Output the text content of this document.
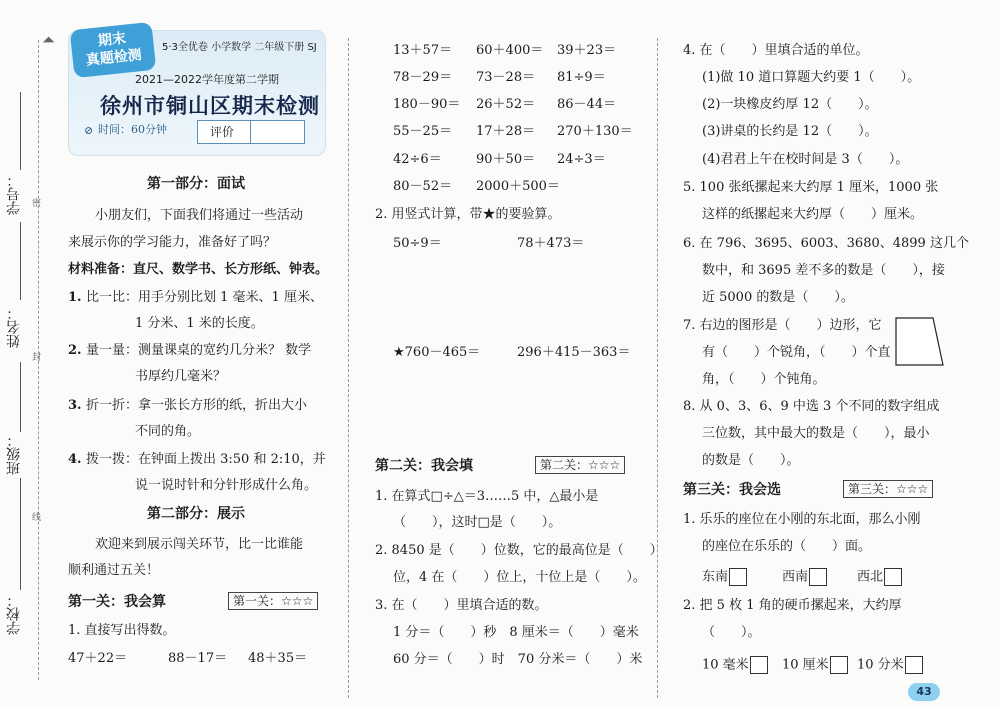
⏶
学号：	密
姓名：
封
班级：
线
学校：
期末
真题检测	5·3全优卷 小学数学 二年级下册 SJ
2021—2022学年度第二学期
徐州市铜山区期末检测
⊘ 时间：60分钟	评价
第一部分：面试
小朋友们，下面我们将通过一些活动
来展示你的学习能力，准备好了吗？
材料准备：直尺、数学书、长方形纸、钟表。
1. 比一比：用手分别比划 1 毫米、1 厘米、
1 分米、1 米的长度。
2. 量一量：测量课桌的宽约几分米？ 数学
书厚约几毫米？
3. 折一折：拿一张长方形的纸，折出大小
不同的角。
4. 拨一拨：在钟面上拨出 3:50 和 2:10，并
说一说时针和分针形成什么角。
第二部分：展示
欢迎来到展示闯关环节，比一比谁能
顺利通过五关！
第一关：我会算	第一关：☆☆☆
1. 直接写出得数。
47＋22＝	88－17＝ 48＋35＝
13＋57＝ 60＋400＝ 39＋23＝
78－29＝ 73－28＝ 81÷9＝
180－90＝ 26＋52＝ 86－44＝
55－25＝ 17＋28＝ 270＋130＝
42÷6＝	90＋50＝ 24÷3＝
80－52＝ 2000＋500＝
2. 用竖式计算，带★的要验算。
50÷9＝	78＋473＝
★760－465＝	296＋415－363＝
第二关：我会填	第二关：☆☆☆
1. 在算式□÷△＝3……5 中，△最小是
（　　），这时□是（　　）。
2. 8450 是（　　）位数，它的最高位是（　　）
位，4 在（　　）位上，十位上是（　　）。
3. 在（　　）里填合适的数。
1 分＝（　　）秒　8 厘米＝（　　）毫米
60 分＝（　　）时　70 分米＝（　　）米
4. 在（　　）里填合适的单位。
(1)做 10 道口算题大约要 1（　　）。
(2)一块橡皮约厚 12（　　）。
(3)讲桌的长约是 12（　　）。
(4)君君上午在校时间是 3（　　）。
5. 100 张纸摞起来大约厚 1 厘米，1000 张
这样的纸摞起来大约厚（　　）厘米。
6. 在 796、3695、6003、3680、4899 这几个
数中，和 3695 差不多的数是（　　），接
近 5000 的数是（　　）。
7. 右边的图形是（　　）边形，它
有（　　）个锐角，（　　）个直
角，（　　）个钝角。
8. 从 0、3、6、9 中选 3 个不同的数字组成
三位数，其中最大的数是（　　），最小
的数是（　　）。
第三关：我会选	第三关：☆☆☆
1. 乐乐的座位在小刚的东北面，那么小刚
的座位在乐乐的（　　）面。
东南	西南	西北
2. 把 5 枚 1 角的硬币摞起来，大约厚
（　　）。
10 毫米	10 厘米	10 分米
43
